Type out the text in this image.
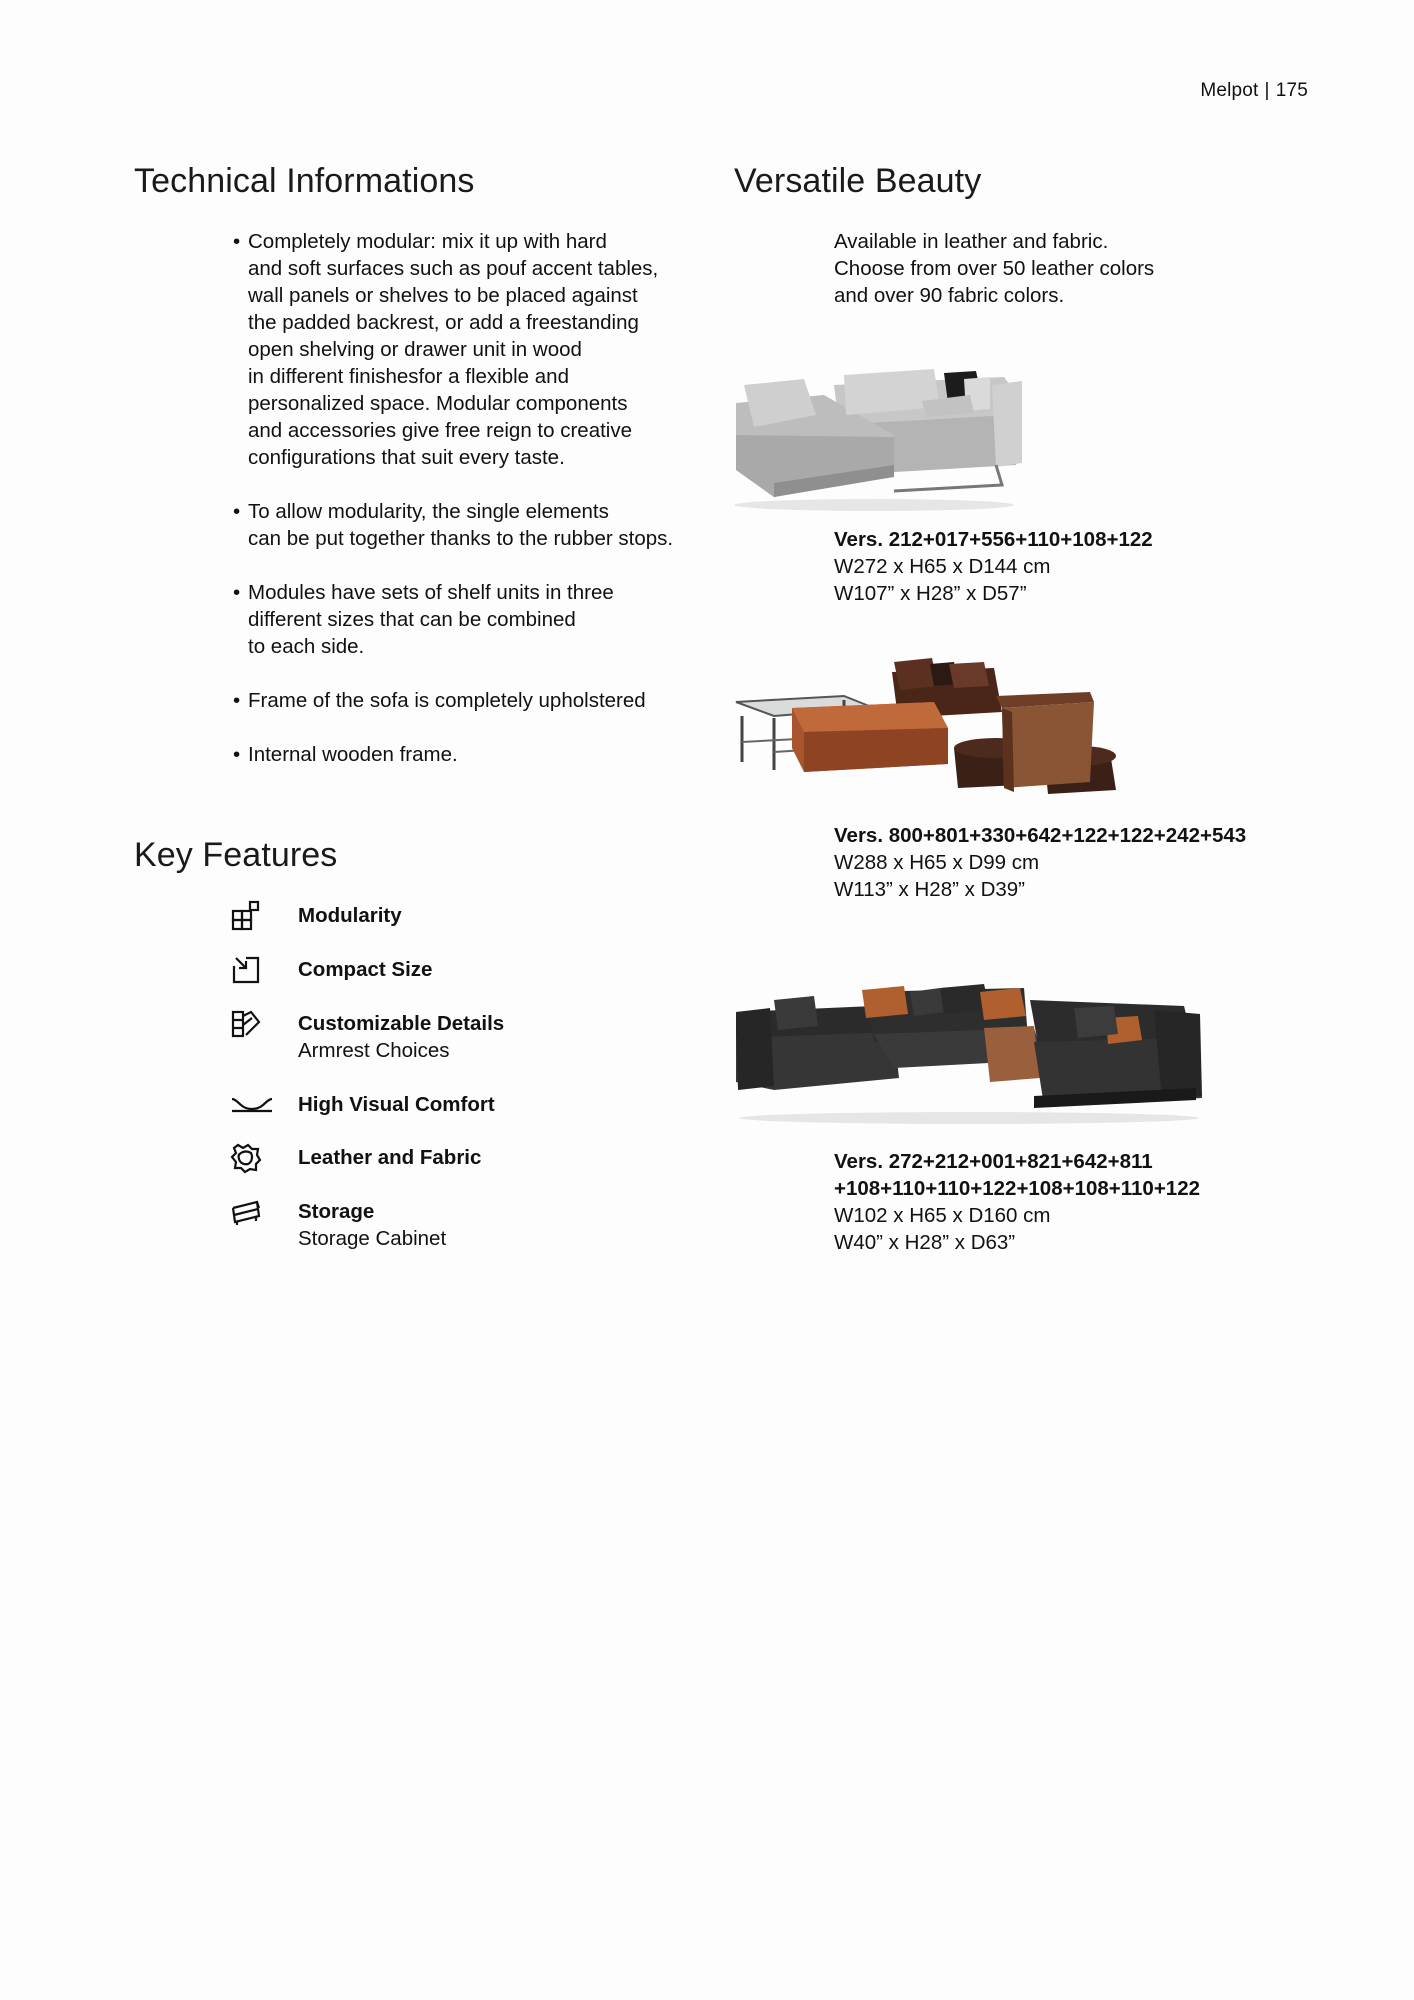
Melpot | 175
Technical Informations	Versatile Beauty
Key Features
• Completely modular: mix it up with hard
and soft surfaces such as pouf accent tables,
wall panels or shelves to be placed against
the padded backrest, or add a freestanding
open shelving or drawer unit in wood
in different finishesfor a flexible and
personalized space. Modular components
and accessories give free reign to creative
configurations that suit every taste.
• To allow modularity, the single elements
can be put together thanks to the rubber stops.
• Modules have sets of shelf units in three
different sizes that can be combined
to each side.
• Frame of the sofa is completely upholstered
• Internal wooden frame.
Available in leather and fabric.
Choose from over 50 leather colors
and over 90 fabric colors.
Modularity
Compact Size
Customizable Details
Armrest Choices
High Visual Comfort
Leather and Fabric
Storage
Storage Cabinet
Vers. 212+017+556+110+108+122
W272 x H65 x D144 cm
W107” x H28” x D57”
Vers. 800+801+330+642+122+122+242+543
W288 x H65 x D99 cm
W113” x H28” x D39”
Vers. 272+212+001+821+642+811
+108+110+110+122+108+108+110+122
W102 x H65 x D160 cm
W40” x H28” x D63”
